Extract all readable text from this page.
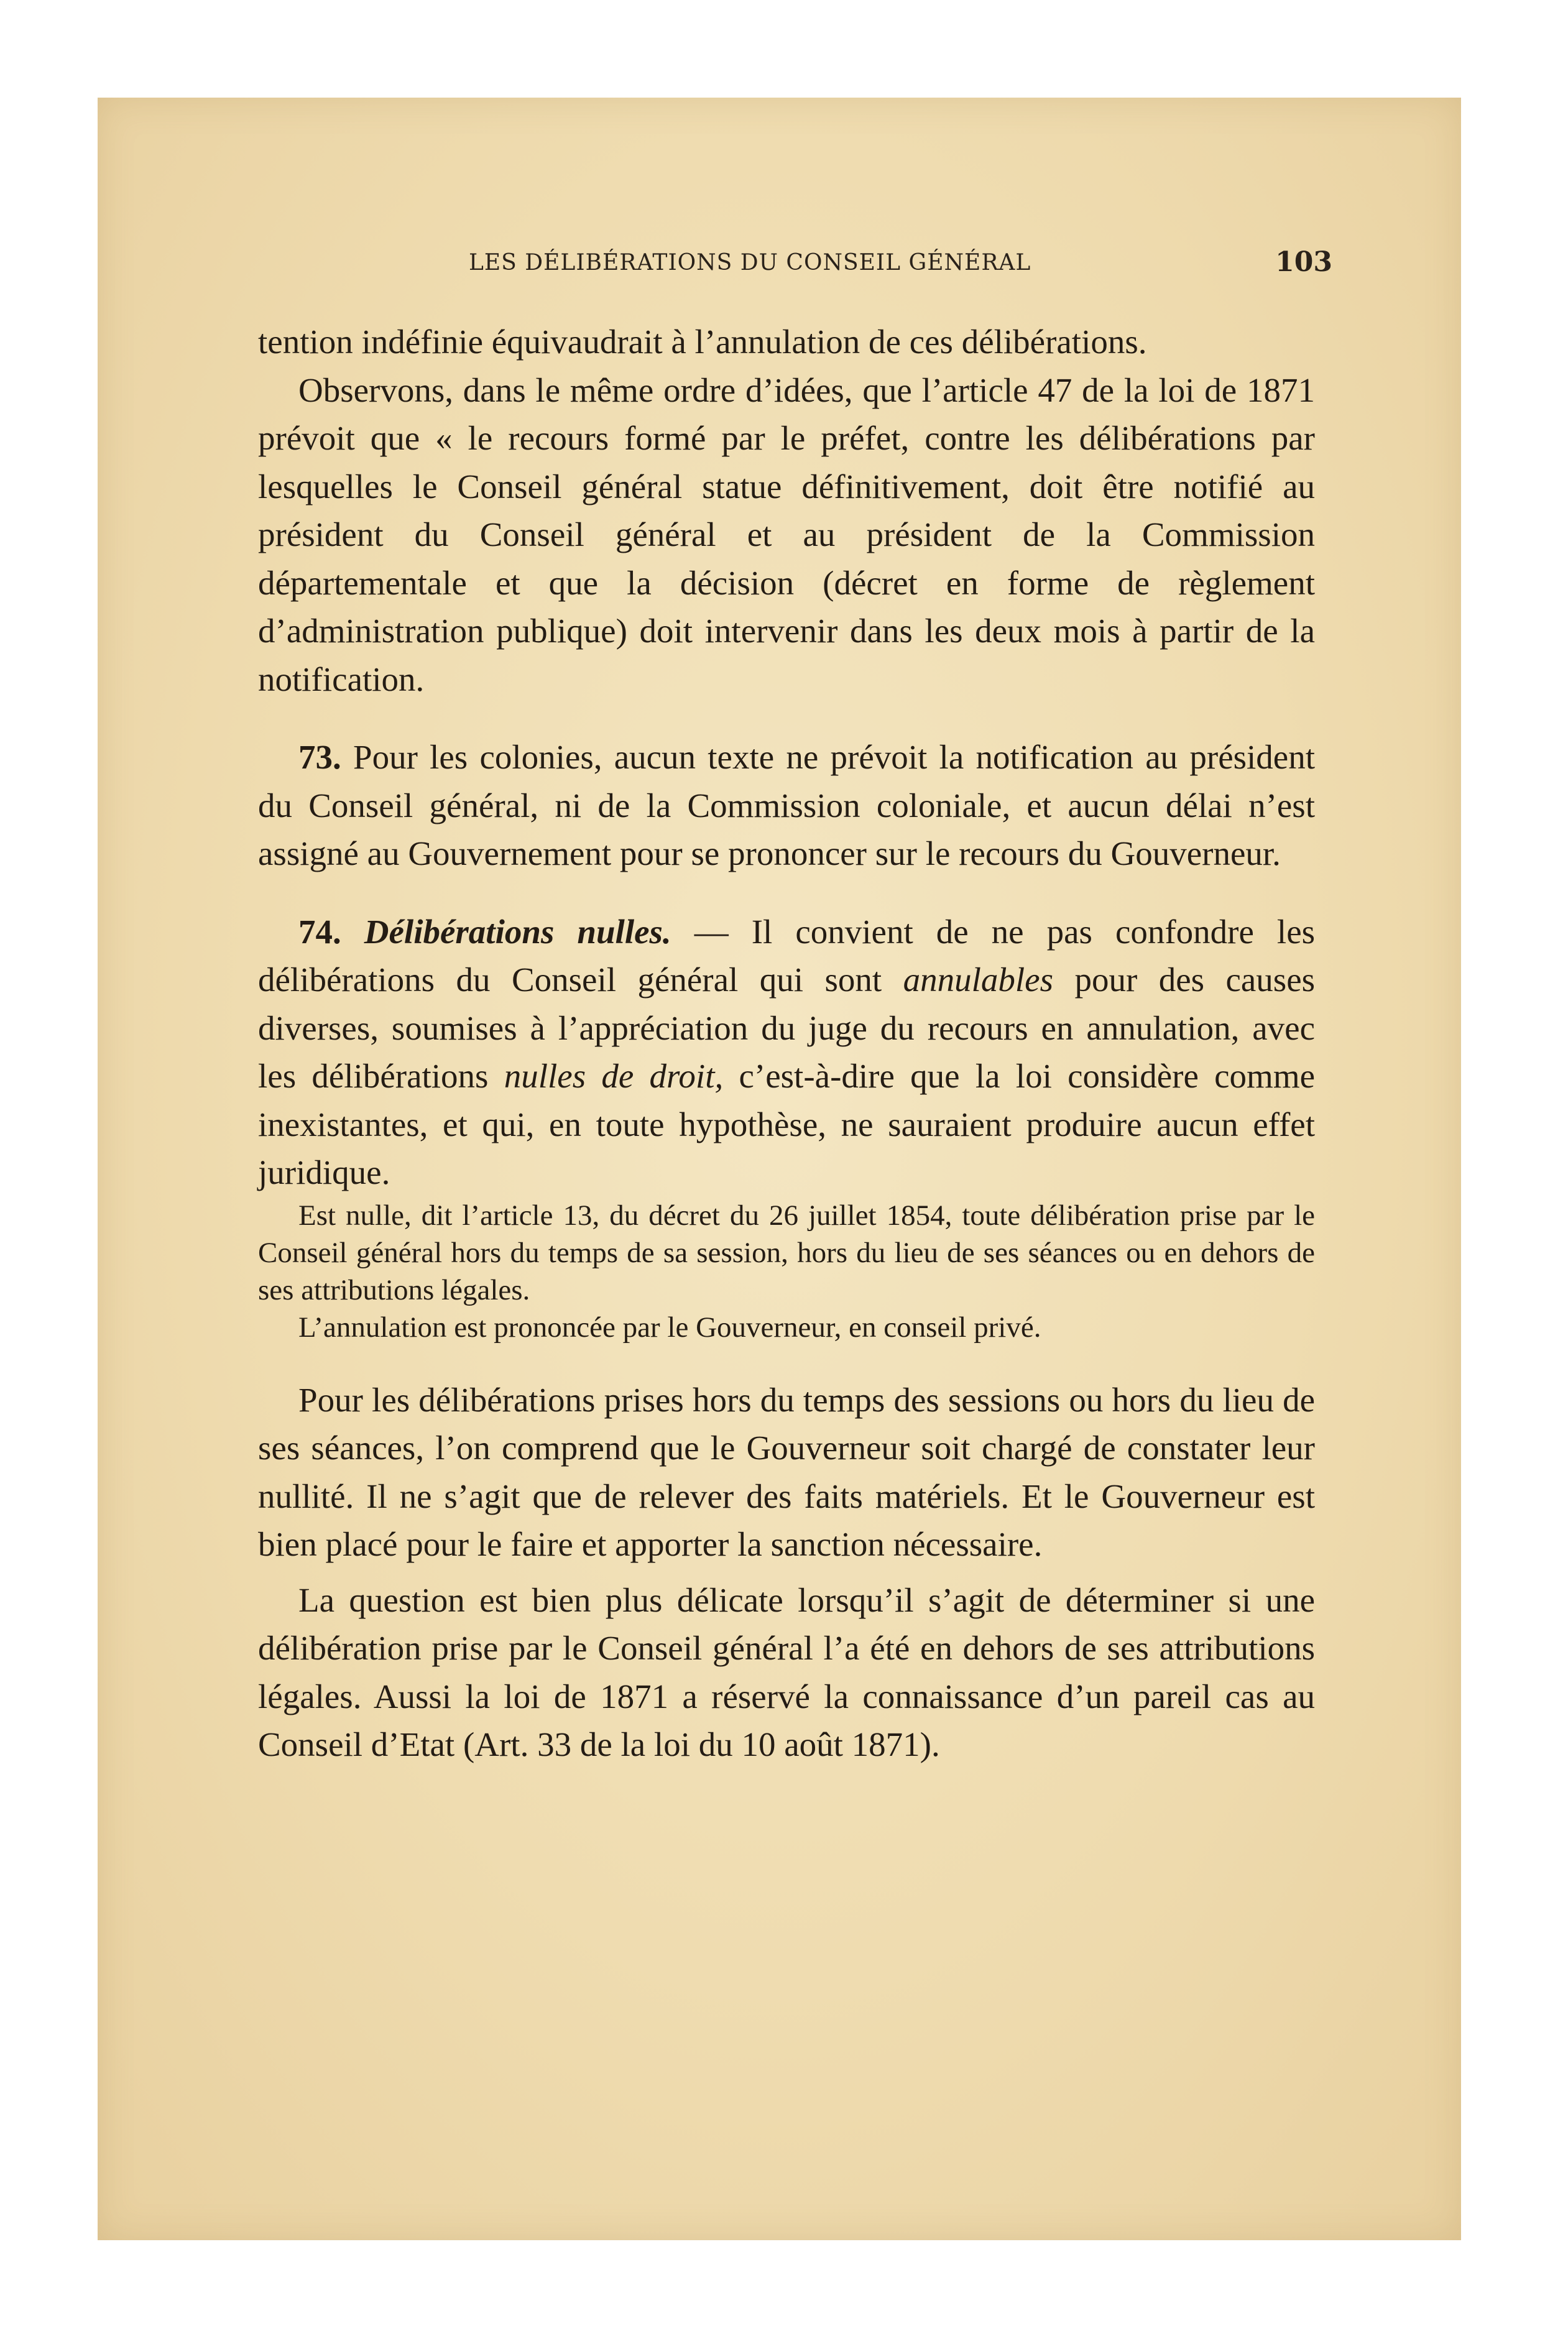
LES DÉLIBÉRATIONS DU CONSEIL GÉNÉRAL	103

tention indéfinie équivaudrait à l’annulation de ces délibérations.

Observons, dans le même ordre d’idées, que l’article 47 de la loi de 1871 prévoit que « le recours formé par le préfet, contre les délibérations par lesquelles le Conseil général statue définitivement, doit être notifié au président du Conseil général et au président de la Commission départementale et que la décision (décret en forme de règlement d’administration publique) doit intervenir dans les deux mois à partir de la notification.

73. Pour les colonies, aucun texte ne prévoit la notification au président du Conseil général, ni de la Commission coloniale, et aucun délai n’est assigné au Gouvernement pour se prononcer sur le recours du Gouverneur.

74. Délibérations nulles. — Il convient de ne pas confondre les délibérations du Conseil général qui sont annulables pour des causes diverses, soumises à l’appréciation du juge du recours en annulation, avec les délibérations nulles de droit, c’est-à-dire que la loi considère comme inexistantes, et qui, en toute hypothèse, ne sauraient produire aucun effet juridique.

Est nulle, dit l’article 13, du décret du 26 juillet 1854, toute délibération prise par le Conseil général hors du temps de sa session, hors du lieu de ses séances ou en dehors de ses attributions légales.

L’annulation est prononcée par le Gouverneur, en conseil privé.

Pour les délibérations prises hors du temps des sessions ou hors du lieu de ses séances, l’on comprend que le Gouverneur soit chargé de constater leur nullité. Il ne s’agit que de relever des faits matériels. Et le Gouverneur est bien placé pour le faire et apporter la sanction nécessaire.

La question est bien plus délicate lorsqu’il s’agit de déterminer si une délibération prise par le Conseil général l’a été en dehors de ses attributions légales. Aussi la loi de 1871 a réservé la connaissance d’un pareil cas au Conseil d’Etat (Art. 33 de la loi du 10 août 1871).
